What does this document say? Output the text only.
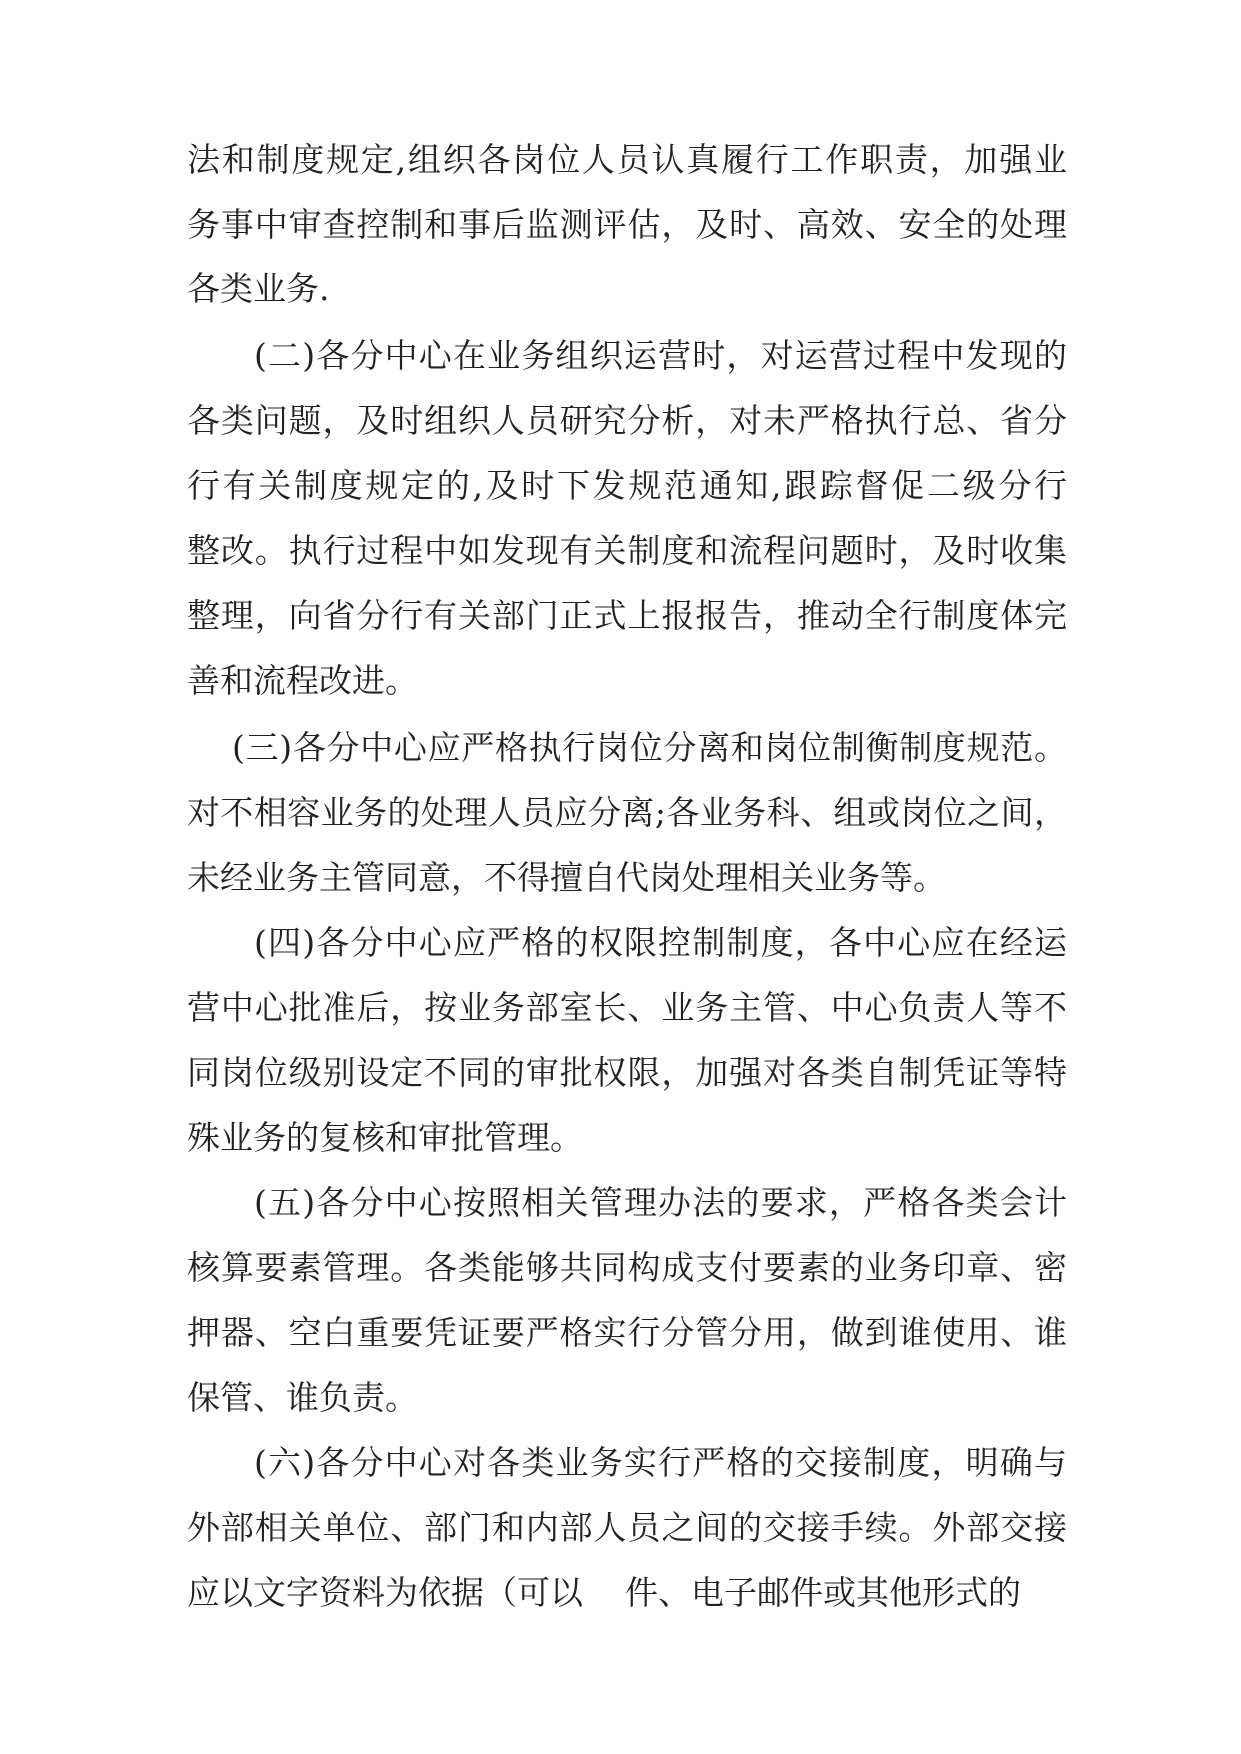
法和制度规定,组织各岗位人员认真履行工作职责，加强业
务事中审查控制和事后监测评估，及时、高效、安全的处理
各类业务.
(二)各分中心在业务组织运营时，对运营过程中发现的
各类问题，及时组织人员研究分析，对未严格执行总、省分
行有关制度规定的,及时下发规范通知,跟踪督促二级分行
整改。执行过程中如发现有关制度和流程问题时，及时收集
整理，向省分行有关部门正式上报报告，推动全行制度体完
善和流程改进。
(三)各分中心应严格执行岗位分离和岗位制衡制度规范。
对不相容业务的处理人员应分离;各业务科、组或岗位之间，
未经业务主管同意，不得擅自代岗处理相关业务等。
(四)各分中心应严格的权限控制制度，各中心应在经运
营中心批准后，按业务部室长、业务主管、中心负责人等不
同岗位级别设定不同的审批权限，加强对各类自制凭证等特
殊业务的复核和审批管理。
(五)各分中心按照相关管理办法的要求，严格各类会计
核算要素管理。各类能够共同构成支付要素的业务印章、密
押器、空白重要凭证要严格实行分管分用，做到谁使用、谁
保管、谁负责。
(六)各分中心对各类业务实行严格的交接制度，明确与
外部相关单位、部门和内部人员之间的交接手续。外部交接
应以文字资料为依据（可以 件、电子邮件或其他形式的
